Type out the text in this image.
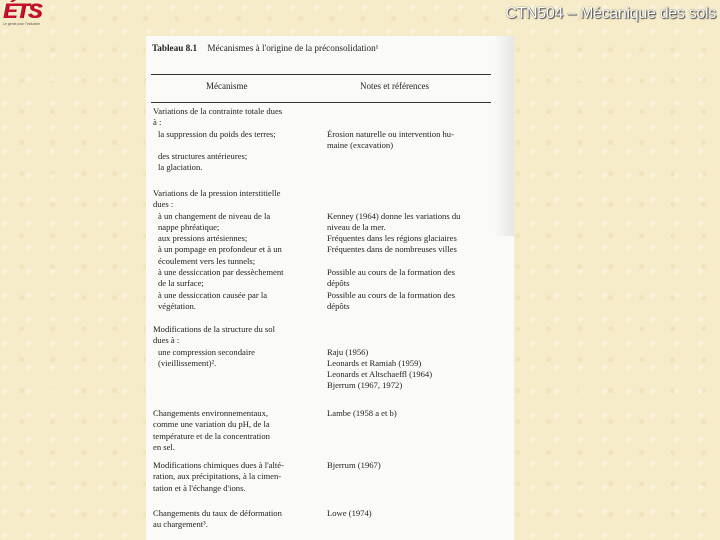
ÉTS
Le génie pour l'industrie
CTN504 – Mécanique des sols
Tableau 8.1 Mécanismes à l'origine de la préconsolidation¹
Mécanisme	Notes et références
Variations de la contrainte totale dues
à :
la suppression du poids des terres;

des structures antérieures;
la glaciation.

Érosion naturelle ou intervention hu-
maine (excavation)
Variations de la pression interstitielle
dues :
à un changement de niveau de la
nappe phréatique;
aux pressions artésiennes;
à un pompage en profondeur et à un
écoulement vers les tunnels;
à une dessiccation par dessèchement
de la surface;
à une dessiccation causée par la
végétation.

Kenney (1964) donne les variations du
niveau de la mer.
Fréquentes dans les régions glaciaires
Fréquentes dans de nombreuses villes

Possible au cours de la formation des
dépôts
Possible au cours de la formation des
dépôts
Modifications de la structure du sol
dues à :
une compression secondaire
(vieillissement)².

Raju (1956)
Leonards et Ramiah (1959)
Leonards et Altschaeffl (1964)
Bjerrum (1967, 1972)
Changements environnementaux,
comme une variation du pH, de la
température et de la concentration
en sel.
Lambe (1958 a et b)
Modifications chimiques dues à l'alté-
ration, aux précipitations, à la cimen-
tation et à l'échange d'ions.
Bjerrum (1967)
Changements du taux de déformation
au chargement³.
Lowe (1974)
